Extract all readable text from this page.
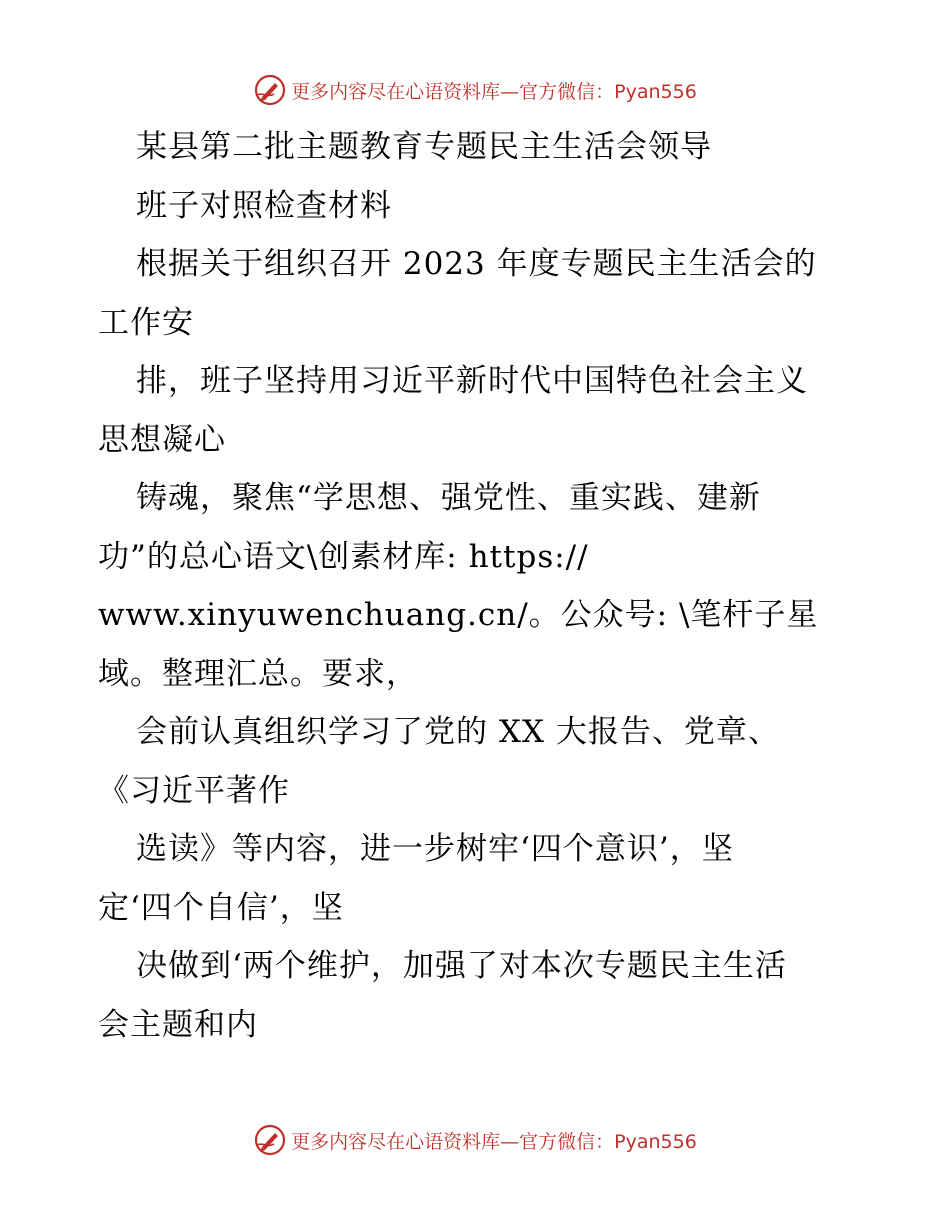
更多内容尽在心语资料库—官方微信：Pyan556
某县第二批主题教育专题民主生活会领导
班子对照检查材料
根据关于组织召开 2023 年度专题民主生活会的
工作安
排，班子坚持用习近平新时代中国特色社会主义
思想凝心
铸魂，聚焦“学思想、强党性、重实践、建新
功”的总心语文\创素材库: https://
www.xinyuwenchuang.cn/。公众号: \笔杆子星
域。整理汇总。要求，
会前认真组织学习了党的 XX 大报告、党章、
《习近平著作
选读》等内容，进一步树牢‘四个意识’，坚
定‘四个自信’，坚
决做到‘两个维护，加强了对本次专题民主生活
会主题和内
更多内容尽在心语资料库—官方微信：Pyan556
